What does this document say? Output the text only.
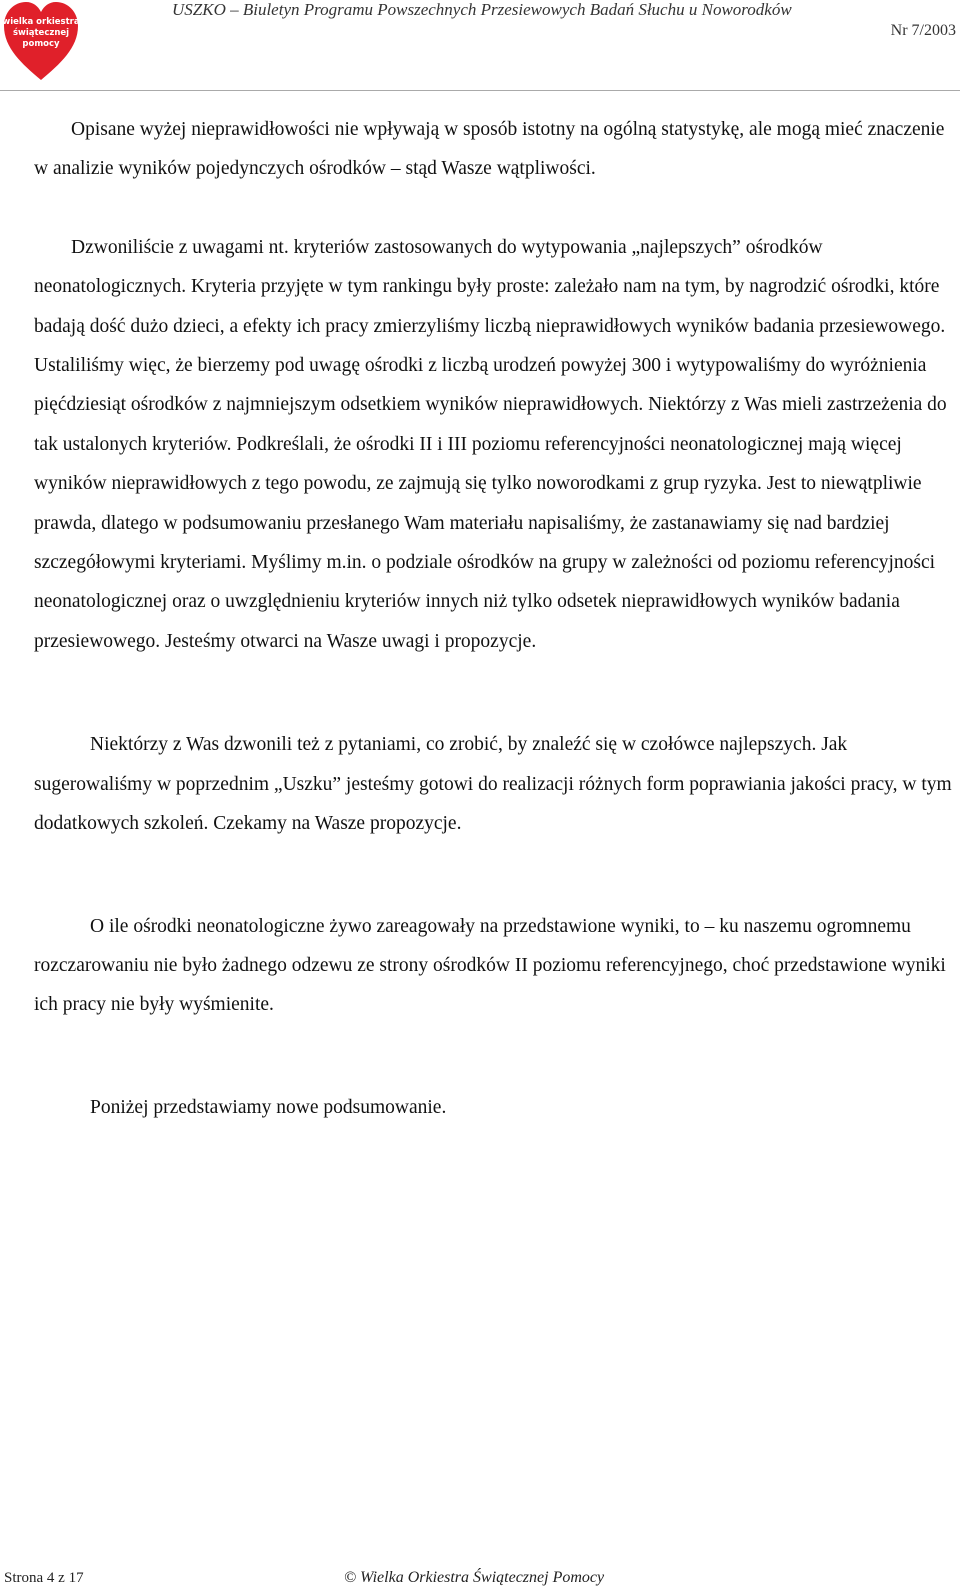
wielka orkiestra
świątecznej
pomocy
USZKO – Biuletyn Programu Powszechnych Przesiewowych Badań Słuchu u Noworodków
Nr 7/2003

Opisane wyżej nieprawidłowości nie wpływają w sposób istotny na ogólną statystykę, ale mogą mieć znaczenie w analizie wyników pojedynczych ośrodków – stąd Wasze wątpliwości.

Dzwoniliście z uwagami nt. kryteriów zastosowanych do wytypowania „najlepszych” ośrodków neonatologicznych. Kryteria przyjęte w tym rankingu były proste: zależało nam na tym, by nagrodzić ośrodki, które badają dość dużo dzieci, a efekty ich pracy zmierzyliśmy liczbą nieprawidłowych wyników badania przesiewowego. Ustaliliśmy więc, że bierzemy pod uwagę ośrodki z liczbą urodzeń powyżej 300 i wytypowaliśmy do wyróżnienia pięćdziesiąt ośrodków z najmniejszym odsetkiem wyników nieprawidłowych. Niektórzy z Was mieli zastrzeżenia do tak ustalonych kryteriów. Podkreślali, że ośrodki II i III poziomu referencyjności neonatologicznej mają więcej wyników nieprawidłowych z tego powodu, ze zajmują się tylko noworodkami z grup ryzyka. Jest to niewątpliwie prawda, dlatego w podsumowaniu przesłanego Wam materiału napisaliśmy, że zastanawiamy się nad bardziej szczegółowymi kryteriami. Myślimy m.in. o podziale ośrodków na grupy w zależności od poziomu referencyjności neonatologicznej oraz o uwzględnieniu kryteriów innych niż tylko odsetek nieprawidłowych wyników badania przesiewowego. Jesteśmy otwarci na Wasze uwagi i propozycje.

Niektórzy z Was dzwonili też z pytaniami, co zrobić, by znaleźć się w czołówce najlepszych. Jak sugerowaliśmy w poprzednim „Uszku” jesteśmy gotowi do realizacji różnych form poprawiania jakości pracy, w tym dodatkowych szkoleń. Czekamy na Wasze propozycje.

O ile ośrodki neonatologiczne żywo zareagowały na przedstawione wyniki, to – ku naszemu ogromnemu rozczarowaniu nie było żadnego odzewu ze strony ośrodków II poziomu referencyjnego, choć przedstawione wyniki ich pracy nie były wyśmienite.

Poniżej przedstawiamy nowe podsumowanie.

Strona 4 z 17	© Wielka Orkiestra Świątecznej Pomocy
